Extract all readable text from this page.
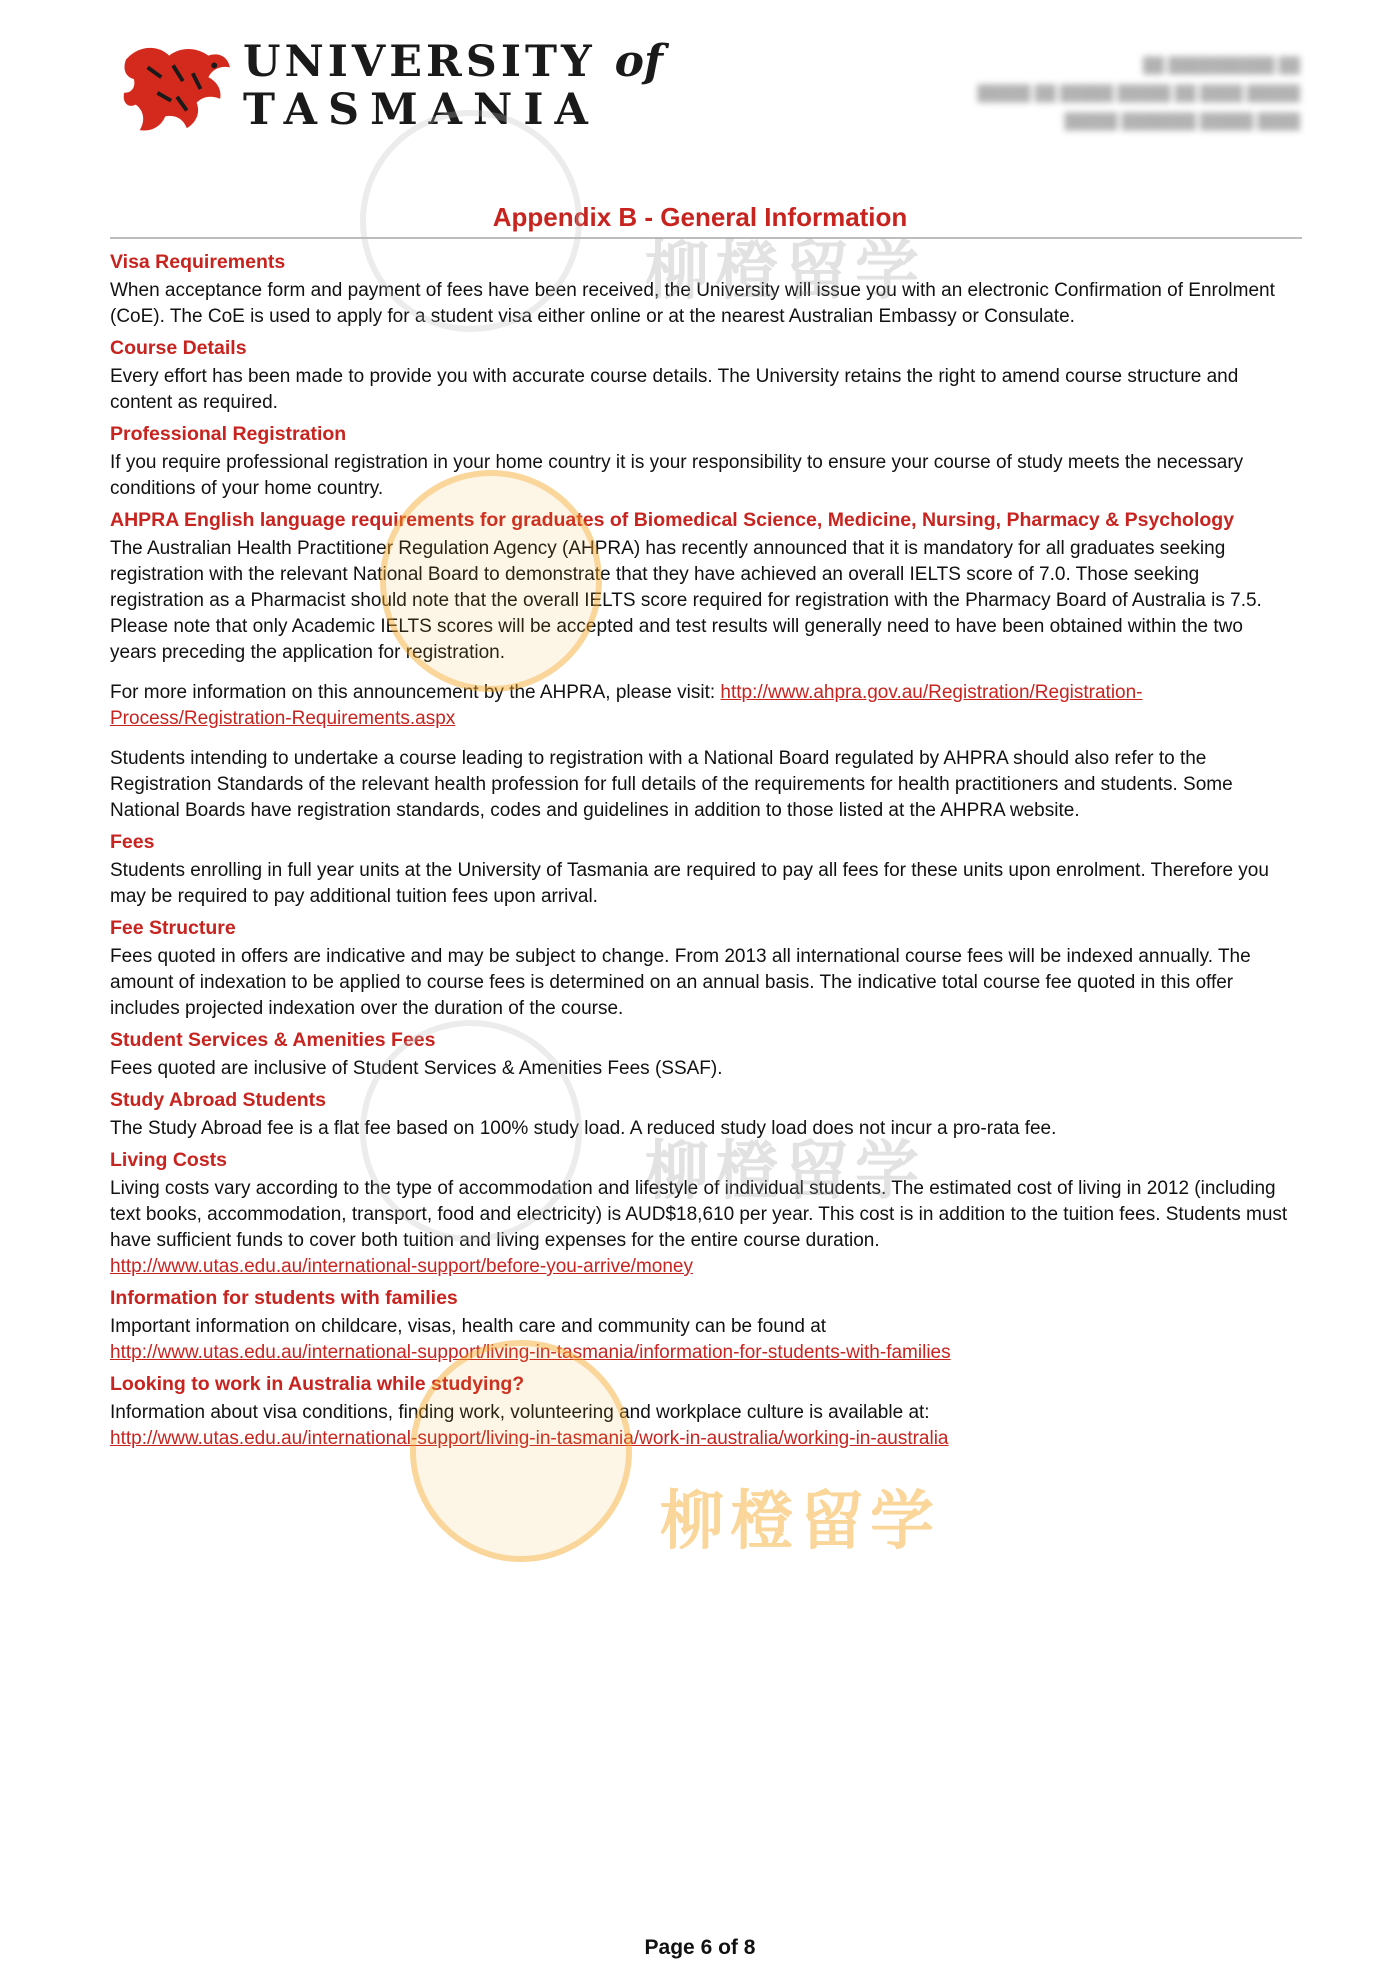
UNIVERSITY of
TASMANIA
██ ██████████ ██
█████ ██ █████ █████ ██ ████ █████
█████ ███████ █████ ████
Appendix B - General Information
Visa Requirements
When acceptance form and payment of fees have been received, the University will issue you with an electronic Confirmation of Enrolment (CoE). The CoE is used to apply for a student visa either online or at the nearest Australian Embassy or Consulate.
Course Details
Every effort has been made to provide you with accurate course details. The University retains the right to amend course structure and content as required.
Professional Registration
If you require professional registration in your home country it is your responsibility to ensure your course of study meets the necessary conditions of your home country.
AHPRA English language requirements for graduates of Biomedical Science, Medicine, Nursing, Pharmacy & Psychology
The Australian Health Practitioner Regulation Agency (AHPRA) has recently announced that it is mandatory for all graduates seeking registration with the relevant National Board to demonstrate that they have achieved an overall IELTS score of 7.0. Those seeking registration as a Pharmacist should note that the overall IELTS score required for registration with the Pharmacy Board of Australia is 7.5. Please note that only Academic IELTS scores will be accepted and test results will generally need to have been obtained within the two years preceding the application for registration.
For more information on this announcement by the AHPRA, please visit: http://www.ahpra.gov.au/Registration/Registration-Process/Registration-Requirements.aspx
Students intending to undertake a course leading to registration with a National Board regulated by AHPRA should also refer to the Registration Standards of the relevant health profession for full details of the requirements for health practitioners and students. Some National Boards have registration standards, codes and guidelines in addition to those listed at the AHPRA website.
Fees
Students enrolling in full year units at the University of Tasmania are required to pay all fees for these units upon enrolment. Therefore you may be required to pay additional tuition fees upon arrival.
Fee Structure
Fees quoted in offers are indicative and may be subject to change. From 2013 all international course fees will be indexed annually. The amount of indexation to be applied to course fees is determined on an annual basis. The indicative total course fee quoted in this offer includes projected indexation over the duration of the course.
Student Services & Amenities Fees
Fees quoted are inclusive of Student Services & Amenities Fees (SSAF).
Study Abroad Students
The Study Abroad fee is a flat fee based on 100% study load. A reduced study load does not incur a pro-rata fee.
Living Costs
Living costs vary according to the type of accommodation and lifestyle of individual students. The estimated cost of living in 2012 (including text books, accommodation, transport, food and electricity) is AUD$18,610 per year. This cost is in addition to the tuition fees. Students must have sufficient funds to cover both tuition and living expenses for the entire course duration.
http://www.utas.edu.au/international-support/before-you-arrive/money
Information for students with families
Important information on childcare, visas, health care and community can be found at
http://www.utas.edu.au/international-support/living-in-tasmania/information-for-students-with-families
Looking to work in Australia while studying?
Information about visa conditions, finding work, volunteering and workplace culture is available at:
http://www.utas.edu.au/international-support/living-in-tasmania/work-in-australia/working-in-australia
柳橙留学
柳橙留学
柳橙留学
Page 6 of 8
